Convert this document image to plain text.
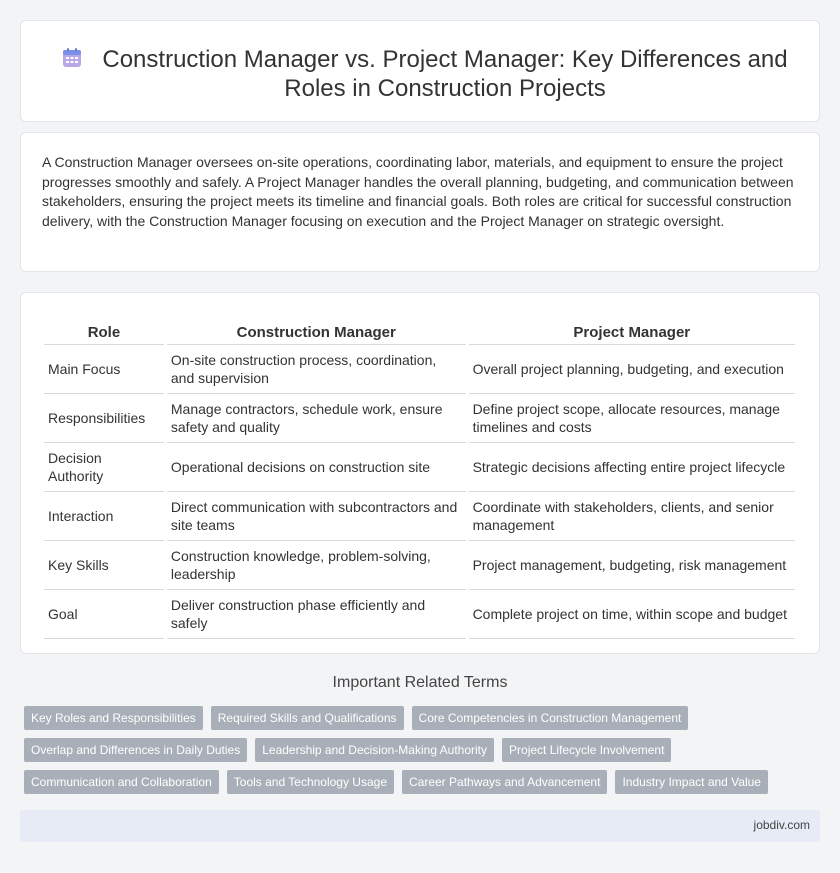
Construction Manager vs. Project Manager: Key Differences and Roles in Construction Projects

A Construction Manager oversees on-site operations, coordinating labor, materials, and equipment to ensure the project progresses smoothly and safely. A Project Manager handles the overall planning, budgeting, and communication between stakeholders, ensuring the project meets its timeline and financial goals. Both roles are critical for successful construction delivery, with the Construction Manager focusing on execution and the Project Manager on strategic oversight.

Role	Construction Manager	Project Manager
Main Focus	On-site construction process, coordination, and supervision	Overall project planning, budgeting, and execution
Responsibilities	Manage contractors, schedule work, ensure safety and quality	Define project scope, allocate resources, manage timelines and costs
Decision Authority	Operational decisions on construction site	Strategic decisions affecting entire project lifecycle
Interaction	Direct communication with subcontractors and site teams	Coordinate with stakeholders, clients, and senior management
Key Skills	Construction knowledge, problem-solving, leadership	Project management, budgeting, risk management
Goal	Deliver construction phase efficiently and safely	Complete project on time, within scope and budget
Important Related Terms
Key Roles and Responsibilities	Required Skills and Qualifications	Core Competencies in Construction Management
Overlap and Differences in Daily Duties	Leadership and Decision-Making Authority	Project Lifecycle Involvement
Communication and Collaboration	Tools and Technology Usage	Career Pathways and Advancement	Industry Impact and Value
jobdiv.com
